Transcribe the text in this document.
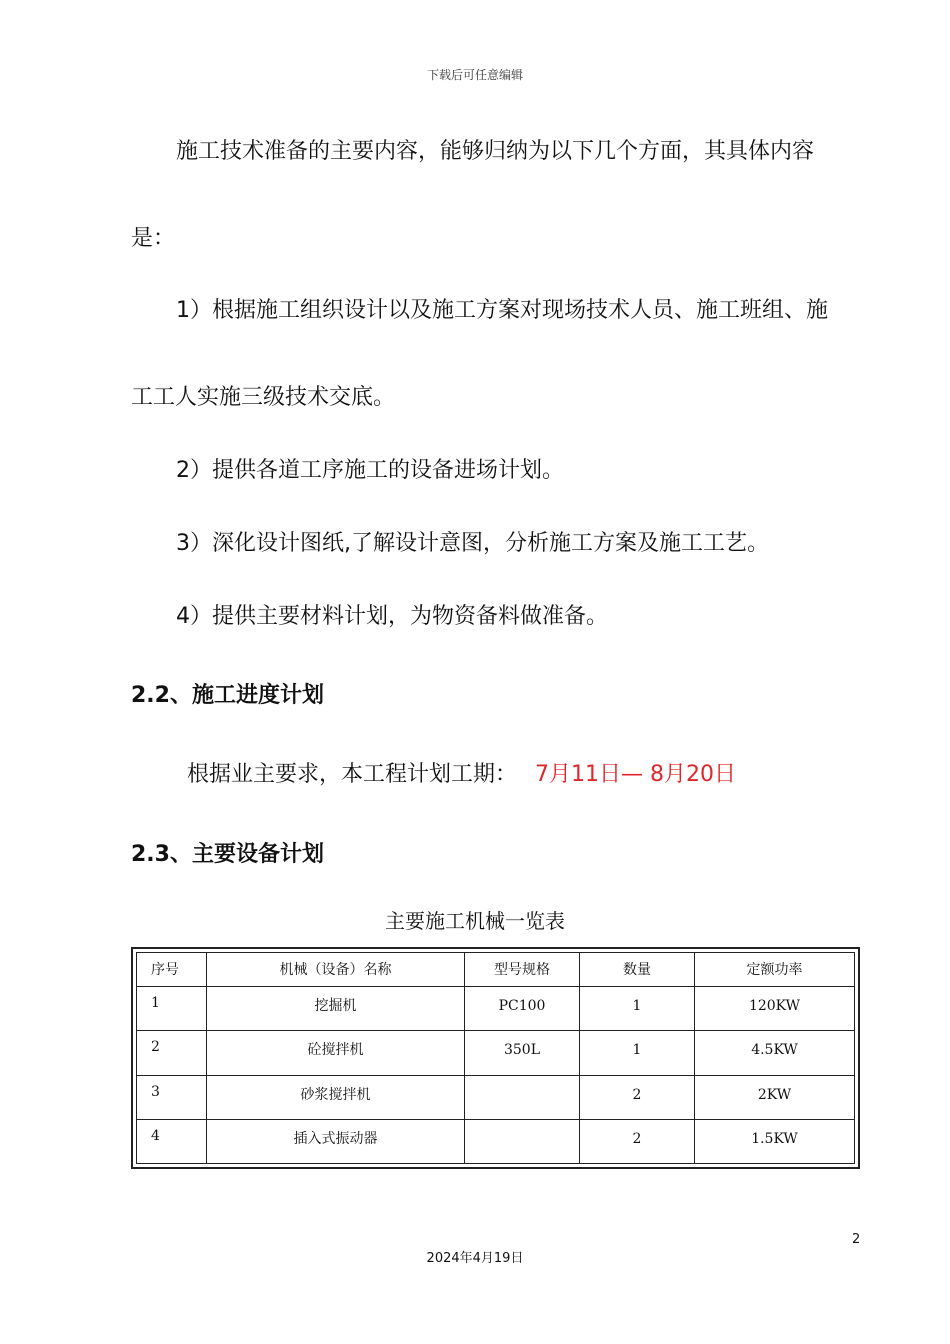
下载后可任意编辑
施工技术准备的主要内容，能够归纳为以下几个方面，其具体内容
是：
1）根据施工组织设计以及施工方案对现场技术人员、施工班组、施
工工人实施三级技术交底。
2）提供各道工序施工的设备进场计划。
3）深化设计图纸,了解设计意图，分析施工方案及施工工艺。
4）提供主要材料计划，为物资备料做准备。
2.2、施工进度计划
根据业主要求，本工程计划工期： 7月11日— 8月20日
2.3、主要设备计划
主要施工机械一览表
序号	机械（设备）名称	型号规格	数量	定额功率
1	挖掘机	PC100	1	120KW
2	砼搅拌机	350L	1	4.5KW
3	砂浆搅拌机		2	2KW
4	插入式振动器		2	1.5KW
2
2024年4月19日
